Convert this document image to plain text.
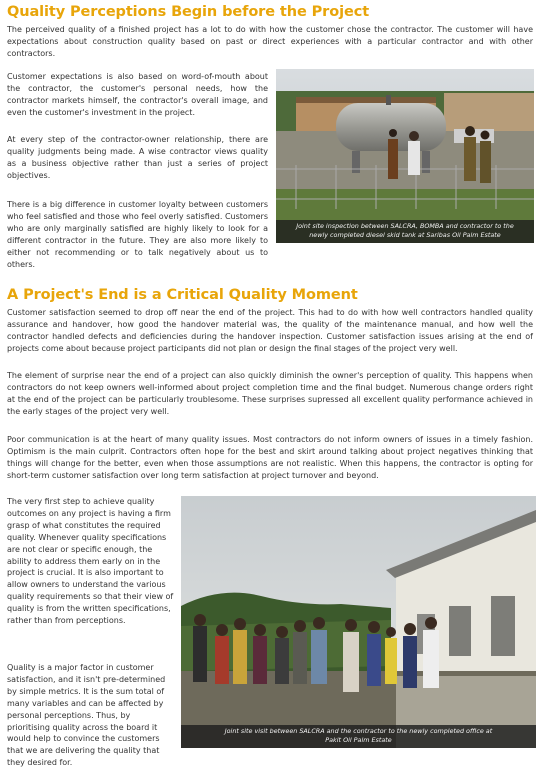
Quality Perceptions Begin before the Project

The perceived quality of a finished project has a lot to do with how the customer chose the contractor. The customer will have expectations about construction quality based on past or direct experiences with a particular contractor and with other contractors.

Customer expectations is also based on word-of-mouth about the contractor, the customer's personal needs, how the contractor markets himself, the contractor's overall image, and even the customer's investment in the project.

At every step of the contractor-owner relationship, there are quality judgments being made. A wise contractor views quality as a business objective rather than just a series of project objectives.

There is a big difference in customer loyalty between customers who feel satisfied and those who feel overly satisfied. Customers who are only marginally satisfied are highly likely to look for a different contractor in the future. They are also more likely to either not recommending or to talk negatively about us to others.

Joint site inspection between SALCRA, BOMBA and contractor to the
newly completed diesel skid tank at Saribas Oil Palm Estate
A Project's End is a Critical Quality Moment

Customer satisfaction seemed to drop off near the end of the project. This had to do with how well contractors handled quality assurance and handover, how good the handover material was, the quality of the maintenance manual, and how well the contractor handled defects and deficiencies during the handover inspection. Customer satisfaction issues arising at the end of projects come about because project participants did not plan or design the final stages of the project very well.

The element of surprise near the end of a project can also quickly diminish the owner's perception of quality. This happens when contractors do not keep owners well-informed about project completion time and the final budget. Numerous change orders right at the end of the project can be particularly troublesome. These surprises supressed all excellent quality performance achieved in the early stages of the project very well.

Poor communication is at the heart of many quality issues. Most contractors do not inform owners of issues in a timely fashion. Optimism is the main culprit. Contractors often hope for the best and skirt around talking about project negatives thinking that things will change for the better, even when those assumptions are not realistic. When this happens, the contractor is opting for short-term customer satisfaction over long term satisfaction at project turnover and beyond.

The very first step to achieve quality outcomes on any project is having a firm grasp of what constitutes the required quality. Whenever quality specifications are not clear or specific enough, the ability to address them early on in the project is crucial. It is also important to allow owners to understand the various quality requirements so that their view of quality is from the written specifications, rather than from perceptions.

Quality is a major factor in customer satisfaction, and it isn't pre-determined by simple metrics. It is the sum total of many variables and can be affected by personal perceptions. Thus, by prioritising quality across the board it would help to convince the customers that we are delivering the quality that they desired for.

Joint site visit between SALCRA and the contractor to the newly completed office at
Pakit Oil Palm Estate
